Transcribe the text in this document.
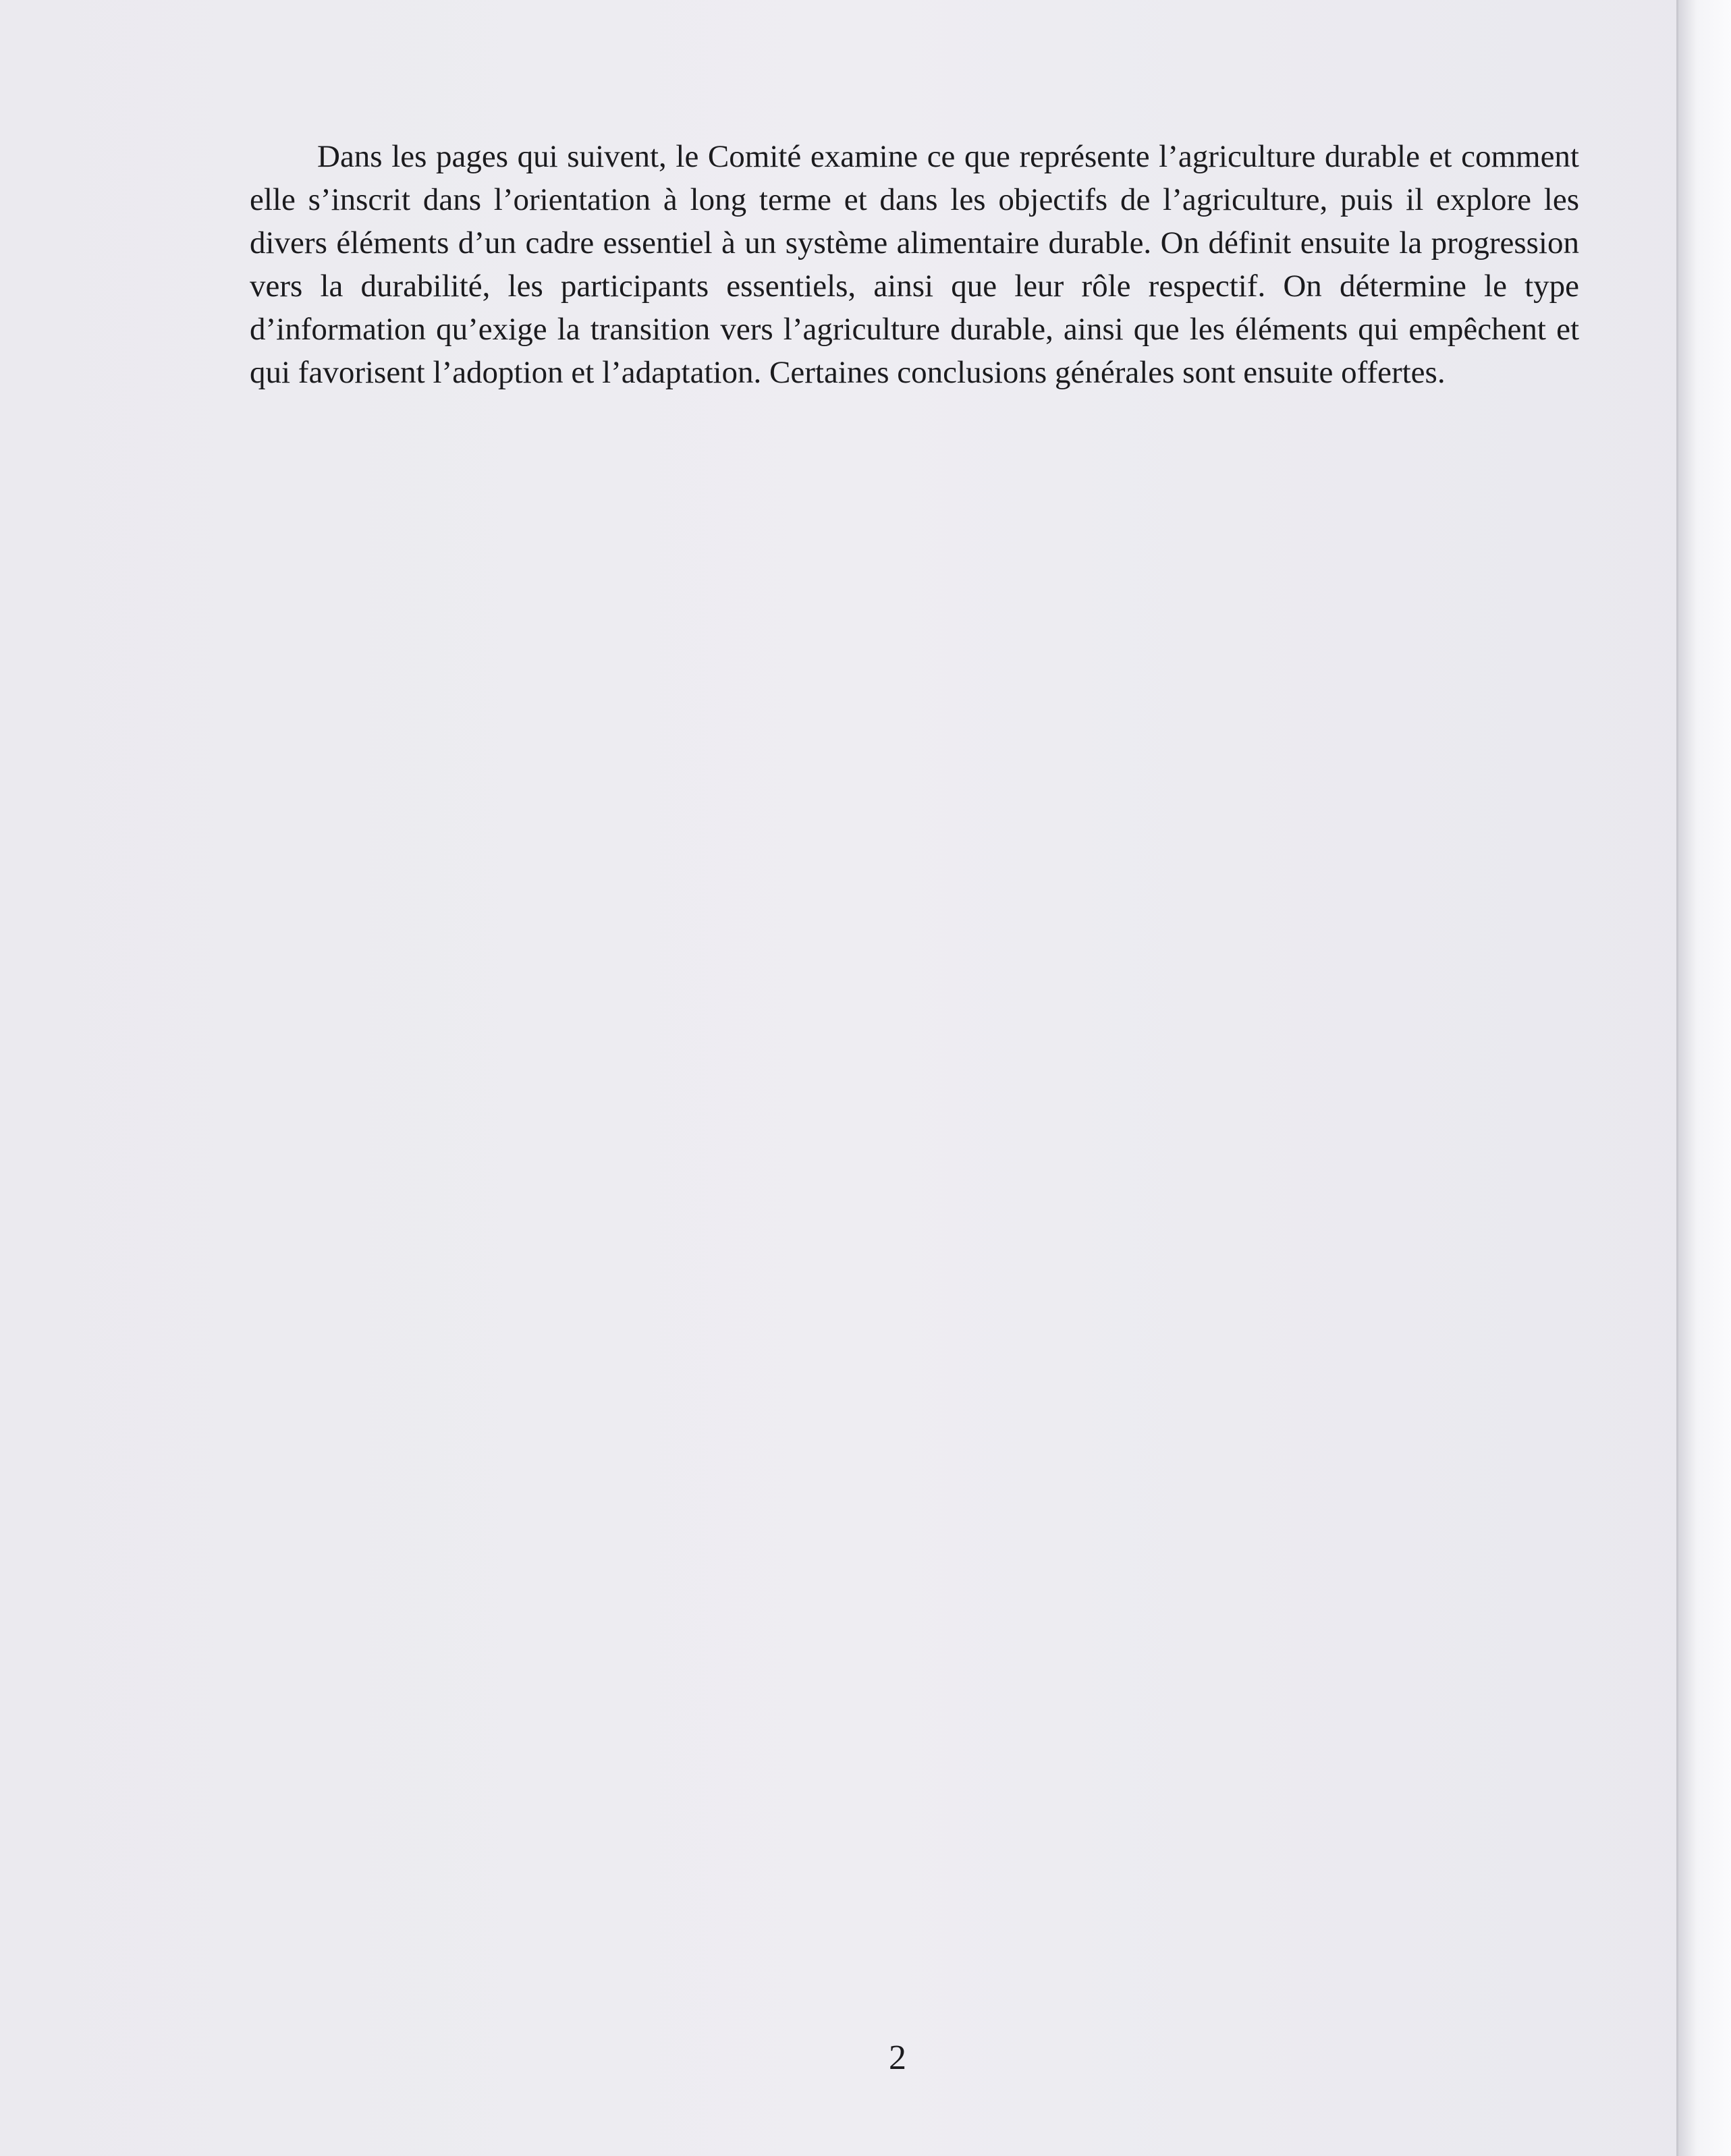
Dans les pages qui suivent, le Comité examine ce que représente l’agriculture durable et comment elle s’inscrit dans l’orientation à long terme et dans les objectifs de l’agriculture, puis il explore les divers éléments d’un cadre essentiel à un système alimentaire durable. On définit ensuite la progression vers la durabilité, les participants essentiels, ainsi que leur rôle respectif. On détermine le type d’information qu’exige la transition vers l’agriculture durable, ainsi que les éléments qui empêchent et qui favorisent l’adoption et l’adaptation. Certaines conclusions générales sont ensuite offertes.

2
